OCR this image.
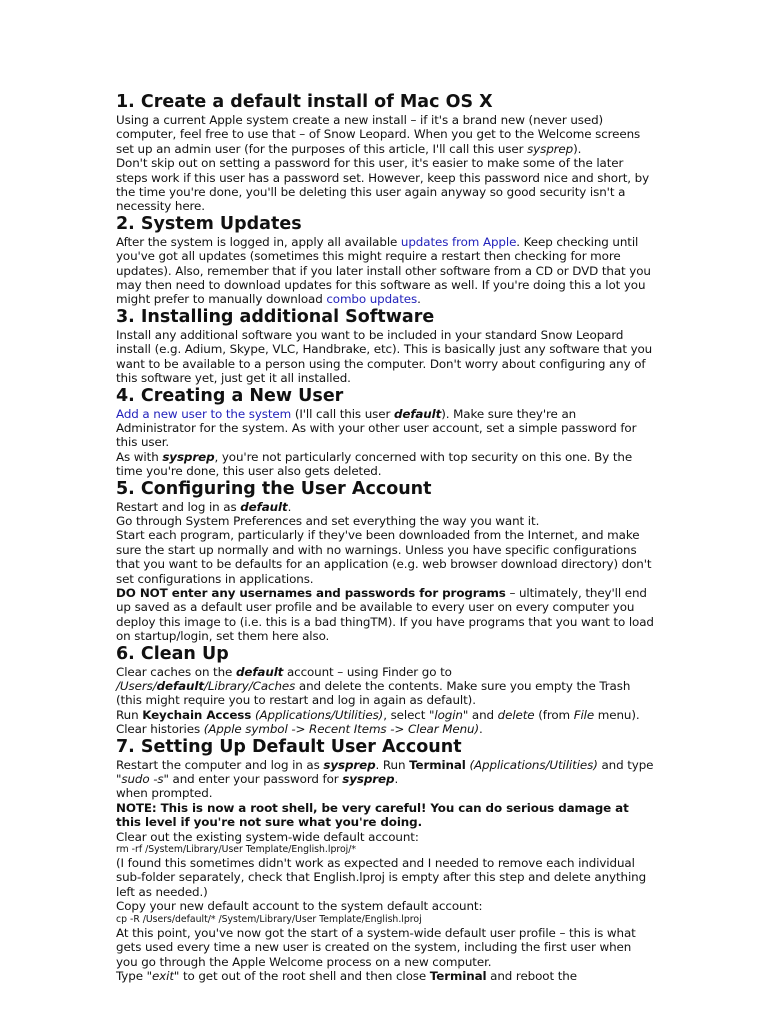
1. Create a default install of Mac OS X

Using a current Apple system create a new install – if it's a brand new (never used) computer, feel free to use that – of Snow Leopard. When you get to the Welcome screens set up an admin user (for the purposes of this article, I'll call this user sysprep).

Don't skip out on setting a password for this user, it's easier to make some of the later steps work if this user has a password set. However, keep this password nice and short, by the time you're done, you'll be deleting this user again anyway so good security isn't a necessity here.

2. System Updates

After the system is logged in, apply all available updates from Apple. Keep checking until you've got all updates (sometimes this might require a restart then checking for more updates). Also, remember that if you later install other software from a CD or DVD that you may then need to download updates for this software as well. If you're doing this a lot you might prefer to manually download combo updates.

3. Installing additional Software

Install any additional software you want to be included in your standard Snow Leopard install (e.g. Adium, Skype, VLC, Handbrake, etc). This is basically just any software that you want to be available to a person using the computer. Don't worry about configuring any of this software yet, just get it all installed.

4. Creating a New User

Add a new user to the system (I'll call this user default). Make sure they're an Administrator for the system. As with your other user account, set a simple password for this user.

As with sysprep, you're not particularly concerned with top security on this one. By the time you're done, this user also gets deleted.

5. Configuring the User Account

Restart and log in as default.

Go through System Preferences and set everything the way you want it.

Start each program, particularly if they've been downloaded from the Internet, and make sure the start up normally and with no warnings. Unless you have specific configurations that you want to be defaults for an application (e.g. web browser download directory) don't set configurations in applications.

DO NOT enter any usernames and passwords for programs – ultimately, they'll end up saved as a default user profile and be available to every user on every computer you deploy this image to (i.e. this is a bad thingTM). If you have programs that you want to load on startup/login, set them here also.

6. Clean Up

Clear caches on the default account – using Finder go to
/Users/default/Library/Caches and delete the contents. Make sure you empty the Trash (this might require you to restart and log in again as default).

Run Keychain Access (Applications/Utilities), select "login" and delete (from File menu). Clear histories (Apple symbol -> Recent Items -> Clear Menu).

7. Setting Up Default User Account

Restart the computer and log in as sysprep. Run Terminal (Applications/Utilities) and type "sudo -s" and enter your password for sysprep.

when prompted.

NOTE: This is now a root shell, be very careful! You can do serious damage at this level if you're not sure what you're doing.

Clear out the existing system-wide default account:

rm -rf /System/Library/User Template/English.lproj/*

(I found this sometimes didn't work as expected and I needed to remove each individual sub-folder separately, check that English.lproj is empty after this step and delete anything left as needed.)

Copy your new default account to the system default account:

cp -R /Users/default/* /System/Library/User Template/English.lproj

At this point, you've now got the start of a system-wide default user profile – this is what gets used every time a new user is created on the system, including the first user when you go through the Apple Welcome process on a new computer.

Type "exit" to get out of the root shell and then close Terminal and reboot the
